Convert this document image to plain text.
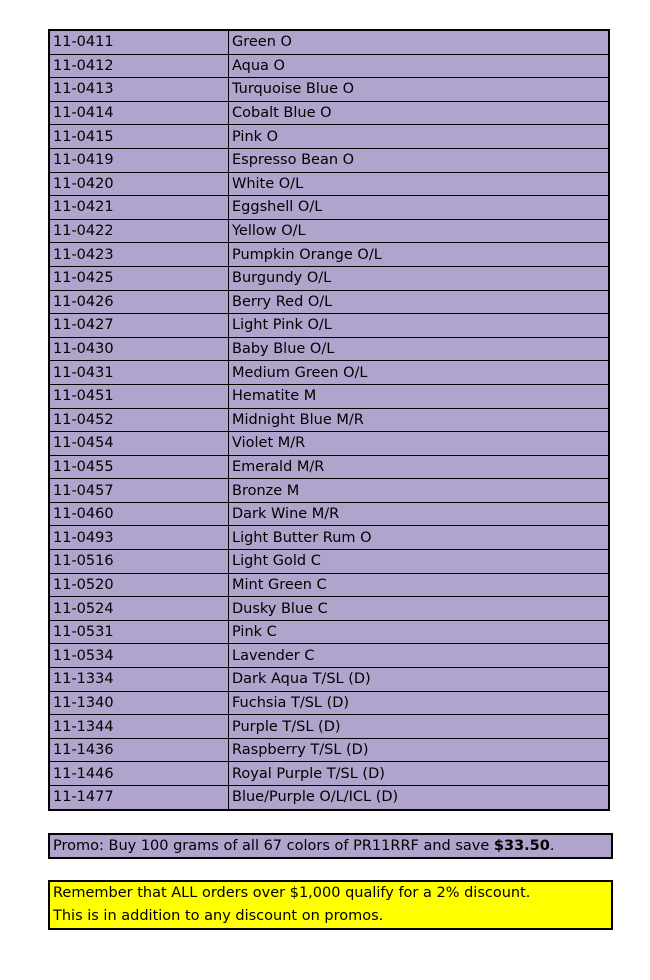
11-0411	Green O
11-0412	Aqua O
11-0413	Turquoise Blue O
11-0414	Cobalt Blue O
11-0415	Pink O
11-0419	Espresso Bean O
11-0420	White O/L
11-0421	Eggshell O/L
11-0422	Yellow O/L
11-0423	Pumpkin Orange O/L
11-0425	Burgundy O/L
11-0426	Berry Red O/L
11-0427	Light Pink O/L
11-0430	Baby Blue O/L
11-0431	Medium Green O/L
11-0451	Hematite M
11-0452	Midnight Blue M/R
11-0454	Violet M/R
11-0455	Emerald M/R
11-0457	Bronze M
11-0460	Dark Wine M/R
11-0493	Light Butter Rum O
11-0516	Light Gold C
11-0520	Mint Green C
11-0524	Dusky Blue C
11-0531	Pink C
11-0534	Lavender C
11-1334	Dark Aqua T/SL (D)
11-1340	Fuchsia T/SL (D)
11-1344	Purple T/SL (D)
11-1436	Raspberry T/SL (D)
11-1446	Royal Purple T/SL (D)
11-1477	Blue/Purple O/L/ICL (D)
Promo: Buy 100 grams of all 67 colors of PR11RRF and save $33.50.
Remember that ALL orders over $1,000 qualify for a 2% discount.
This is in addition to any discount on promos.
